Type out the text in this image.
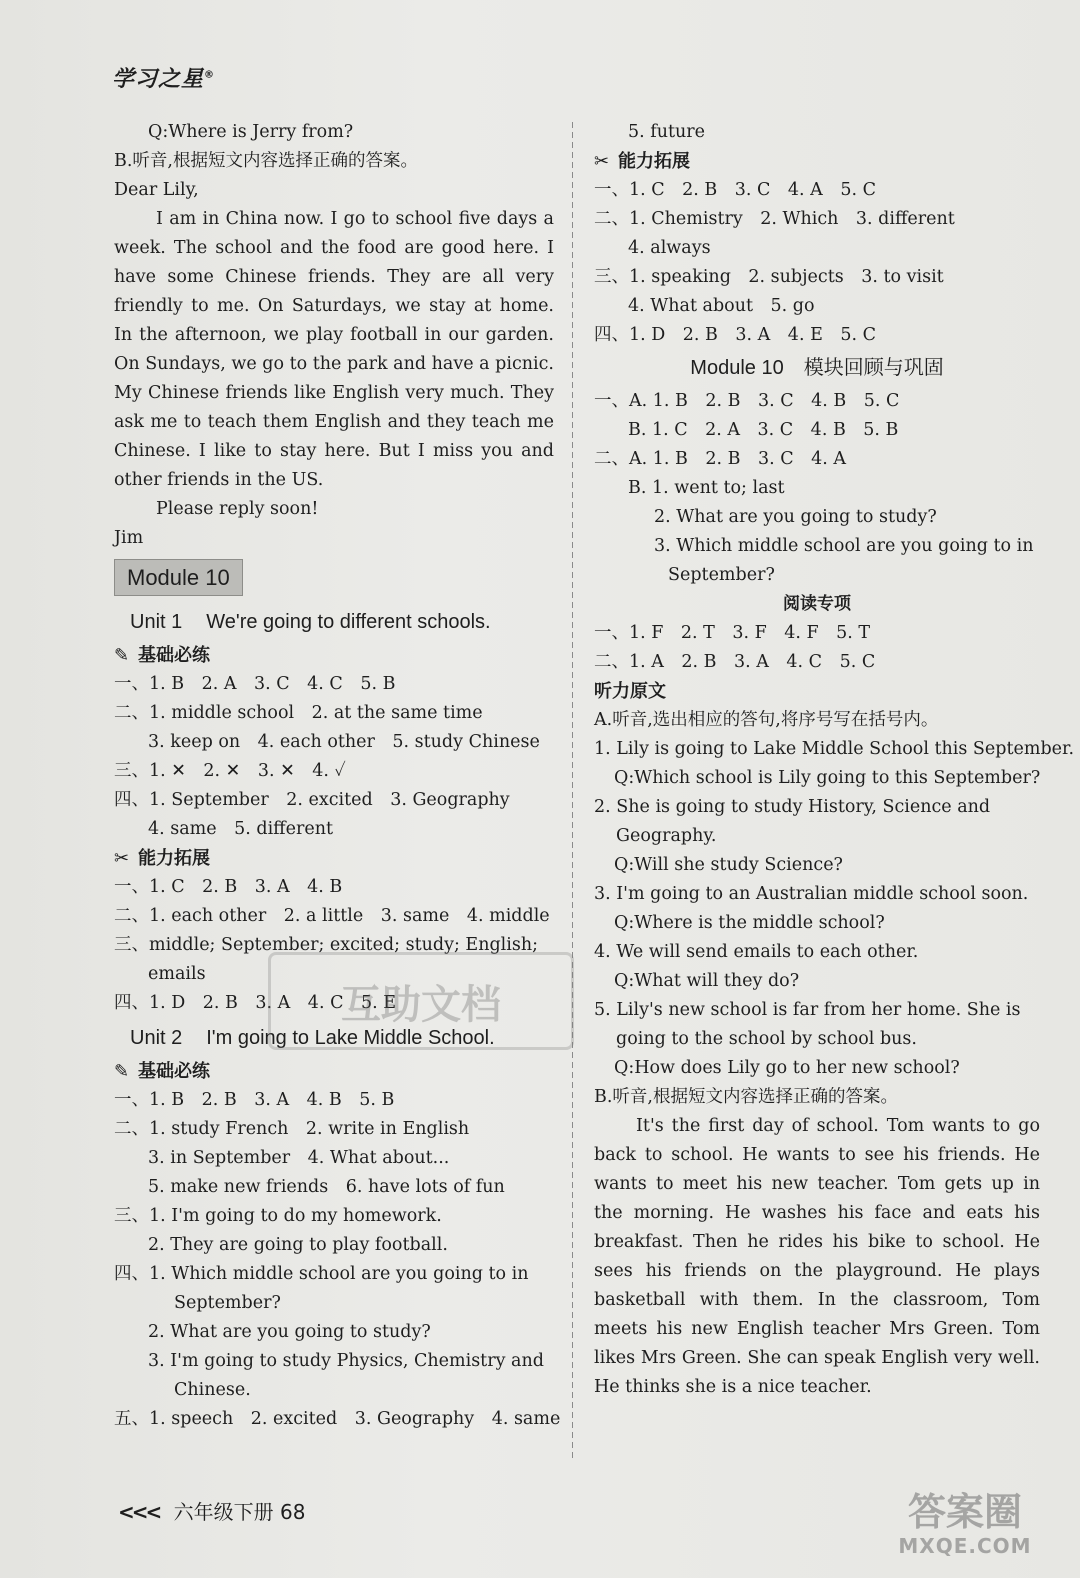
学习之星®
Q:Where is Jerry from?
B.听音,根据短文内容选择正确的答案。
Dear Lily,
I am in China now. I go to school five days a week. The school and the food are good here. I have some Chinese friends. They are all very friendly to me. On Saturdays, we stay at home. In the afternoon, we play football in our garden. On Sundays, we go to the park and have a picnic. My Chinese friends like English very much. They ask me to teach them English and they teach me Chinese. I like to stay here. But I miss you and other friends in the US.
Please reply soon!
Jim
Module 10
Unit 1 We're going to different schools.
✎ 基础必练
一、1. B　2. A　3. C　4. C　5. B
二、1. middle school　2. at the same time
3. keep on　4. each other　5. study Chinese
三、1. ✕　2. ✕　3. ✕　4. ✓
四、1. September　2. excited　3. Geography
4. same　5. different
✂ 能力拓展
一、1. C　2. B　3. A　4. B
二、1. each other　2. a little　3. same　4. middle
三、middle; September; excited; study; English;
emails
四、1. D　2. B　3. A　4. C　5. E
Unit 2 I'm going to Lake Middle School.
✎ 基础必练
一、1. B　2. B　3. A　4. B　5. B
二、1. study French　2. write in English
3. in September　4. What about...
5. make new friends　6. have lots of fun
三、1. I'm going to do my homework.
2. They are going to play football.
四、1. Which middle school are you going to in
September?
2. What are you going to study?
3. I'm going to study Physics, Chemistry and
Chinese.
五、1. speech　2. excited　3. Geography　4. same
5. future
✂ 能力拓展
一、1. C　2. B　3. C　4. A　5. C
二、1. Chemistry　2. Which　3. different
4. always
三、1. speaking　2. subjects　3. to visit
4. What about　5. go
四、1. D　2. B　3. A　4. E　5. C
Module 10　模块回顾与巩固
一、A. 1. B　2. B　3. C　4. B　5. C
B. 1. C　2. A　3. C　4. B　5. B
二、A. 1. B　2. B　3. C　4. A
B. 1. went to; last
2. What are you going to study?
3. Which middle school are you going to in
September?
阅读专项
一、1. F　2. T　3. F　4. F　5. T
二、1. A　2. B　3. A　4. C　5. C
听力原文
A.听音,选出相应的答句,将序号写在括号内。
1. Lily is going to Lake Middle School this September.
Q:Which school is Lily going to this September?
2. She is going to study History, Science and
Geography.
Q:Will she study Science?
3. I'm going to an Australian middle school soon.
Q:Where is the middle school?
4. We will send emails to each other.
Q:What will they do?
5. Lily's new school is far from her home. She is
going to the school by school bus.
Q:How does Lily go to her new school?
B.听音,根据短文内容选择正确的答案。
It's the first day of school. Tom wants to go back to school. He wants to see his friends. He wants to meet his new teacher. Tom gets up in the morning. He washes his face and eats his breakfast. Then he rides his bike to school. He sees his friends on the playground. He plays basketball with them. In the classroom, Tom meets his new English teacher Mrs Green. Tom likes Mrs Green. She can speak English very well. He thinks she is a nice teacher.
互助文档
<<< 六年级下册 68	答案圈
MXQE.COM
